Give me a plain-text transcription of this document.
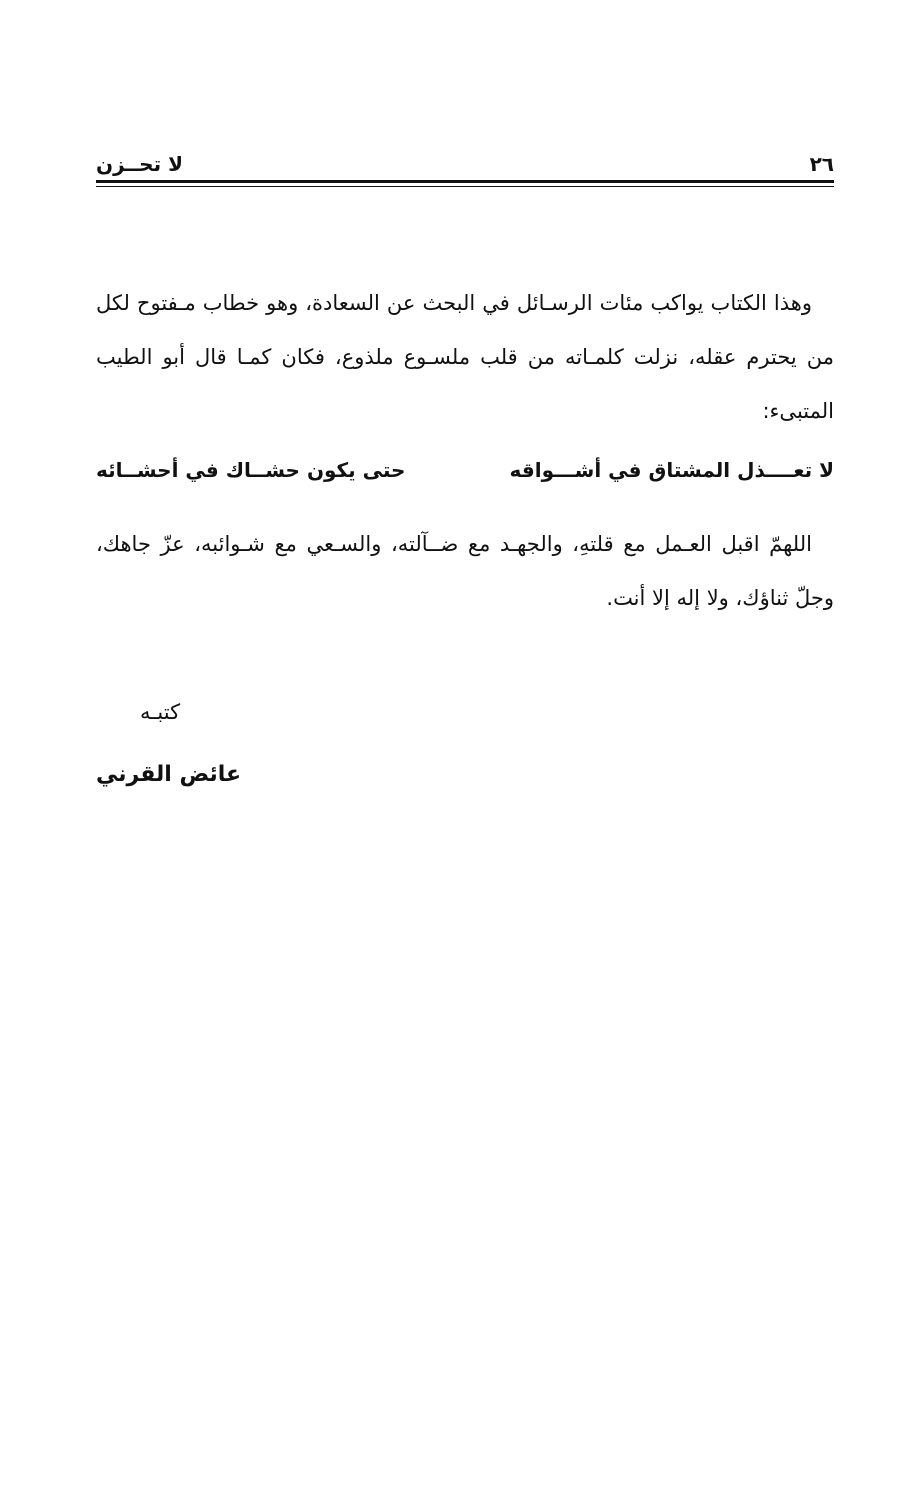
٢٦
لا تحــزن
وهذا الكتاب يواكب مئات الرسـائل في البحث عن السعادة، وهو خطاب مـفتوح لكل من يحترم عقله، نزلت كلمـاته من قلب ملسـوع ملذوع، فكان كمـا قال أبو الطيب المتبىء:
لا تعــــذل المشتاق في أشـــواقه
حتى يكون حشــاك في أحشــائه
اللهمّ اقبل العـمل مع قلتهِ، والجهـد مع ضــآلته، والسـعي مع شـوائبه، عزّ جاهك، وجلّ ثناؤك، ولا إله إلا أنت.
كتبـه
عائض القرني
